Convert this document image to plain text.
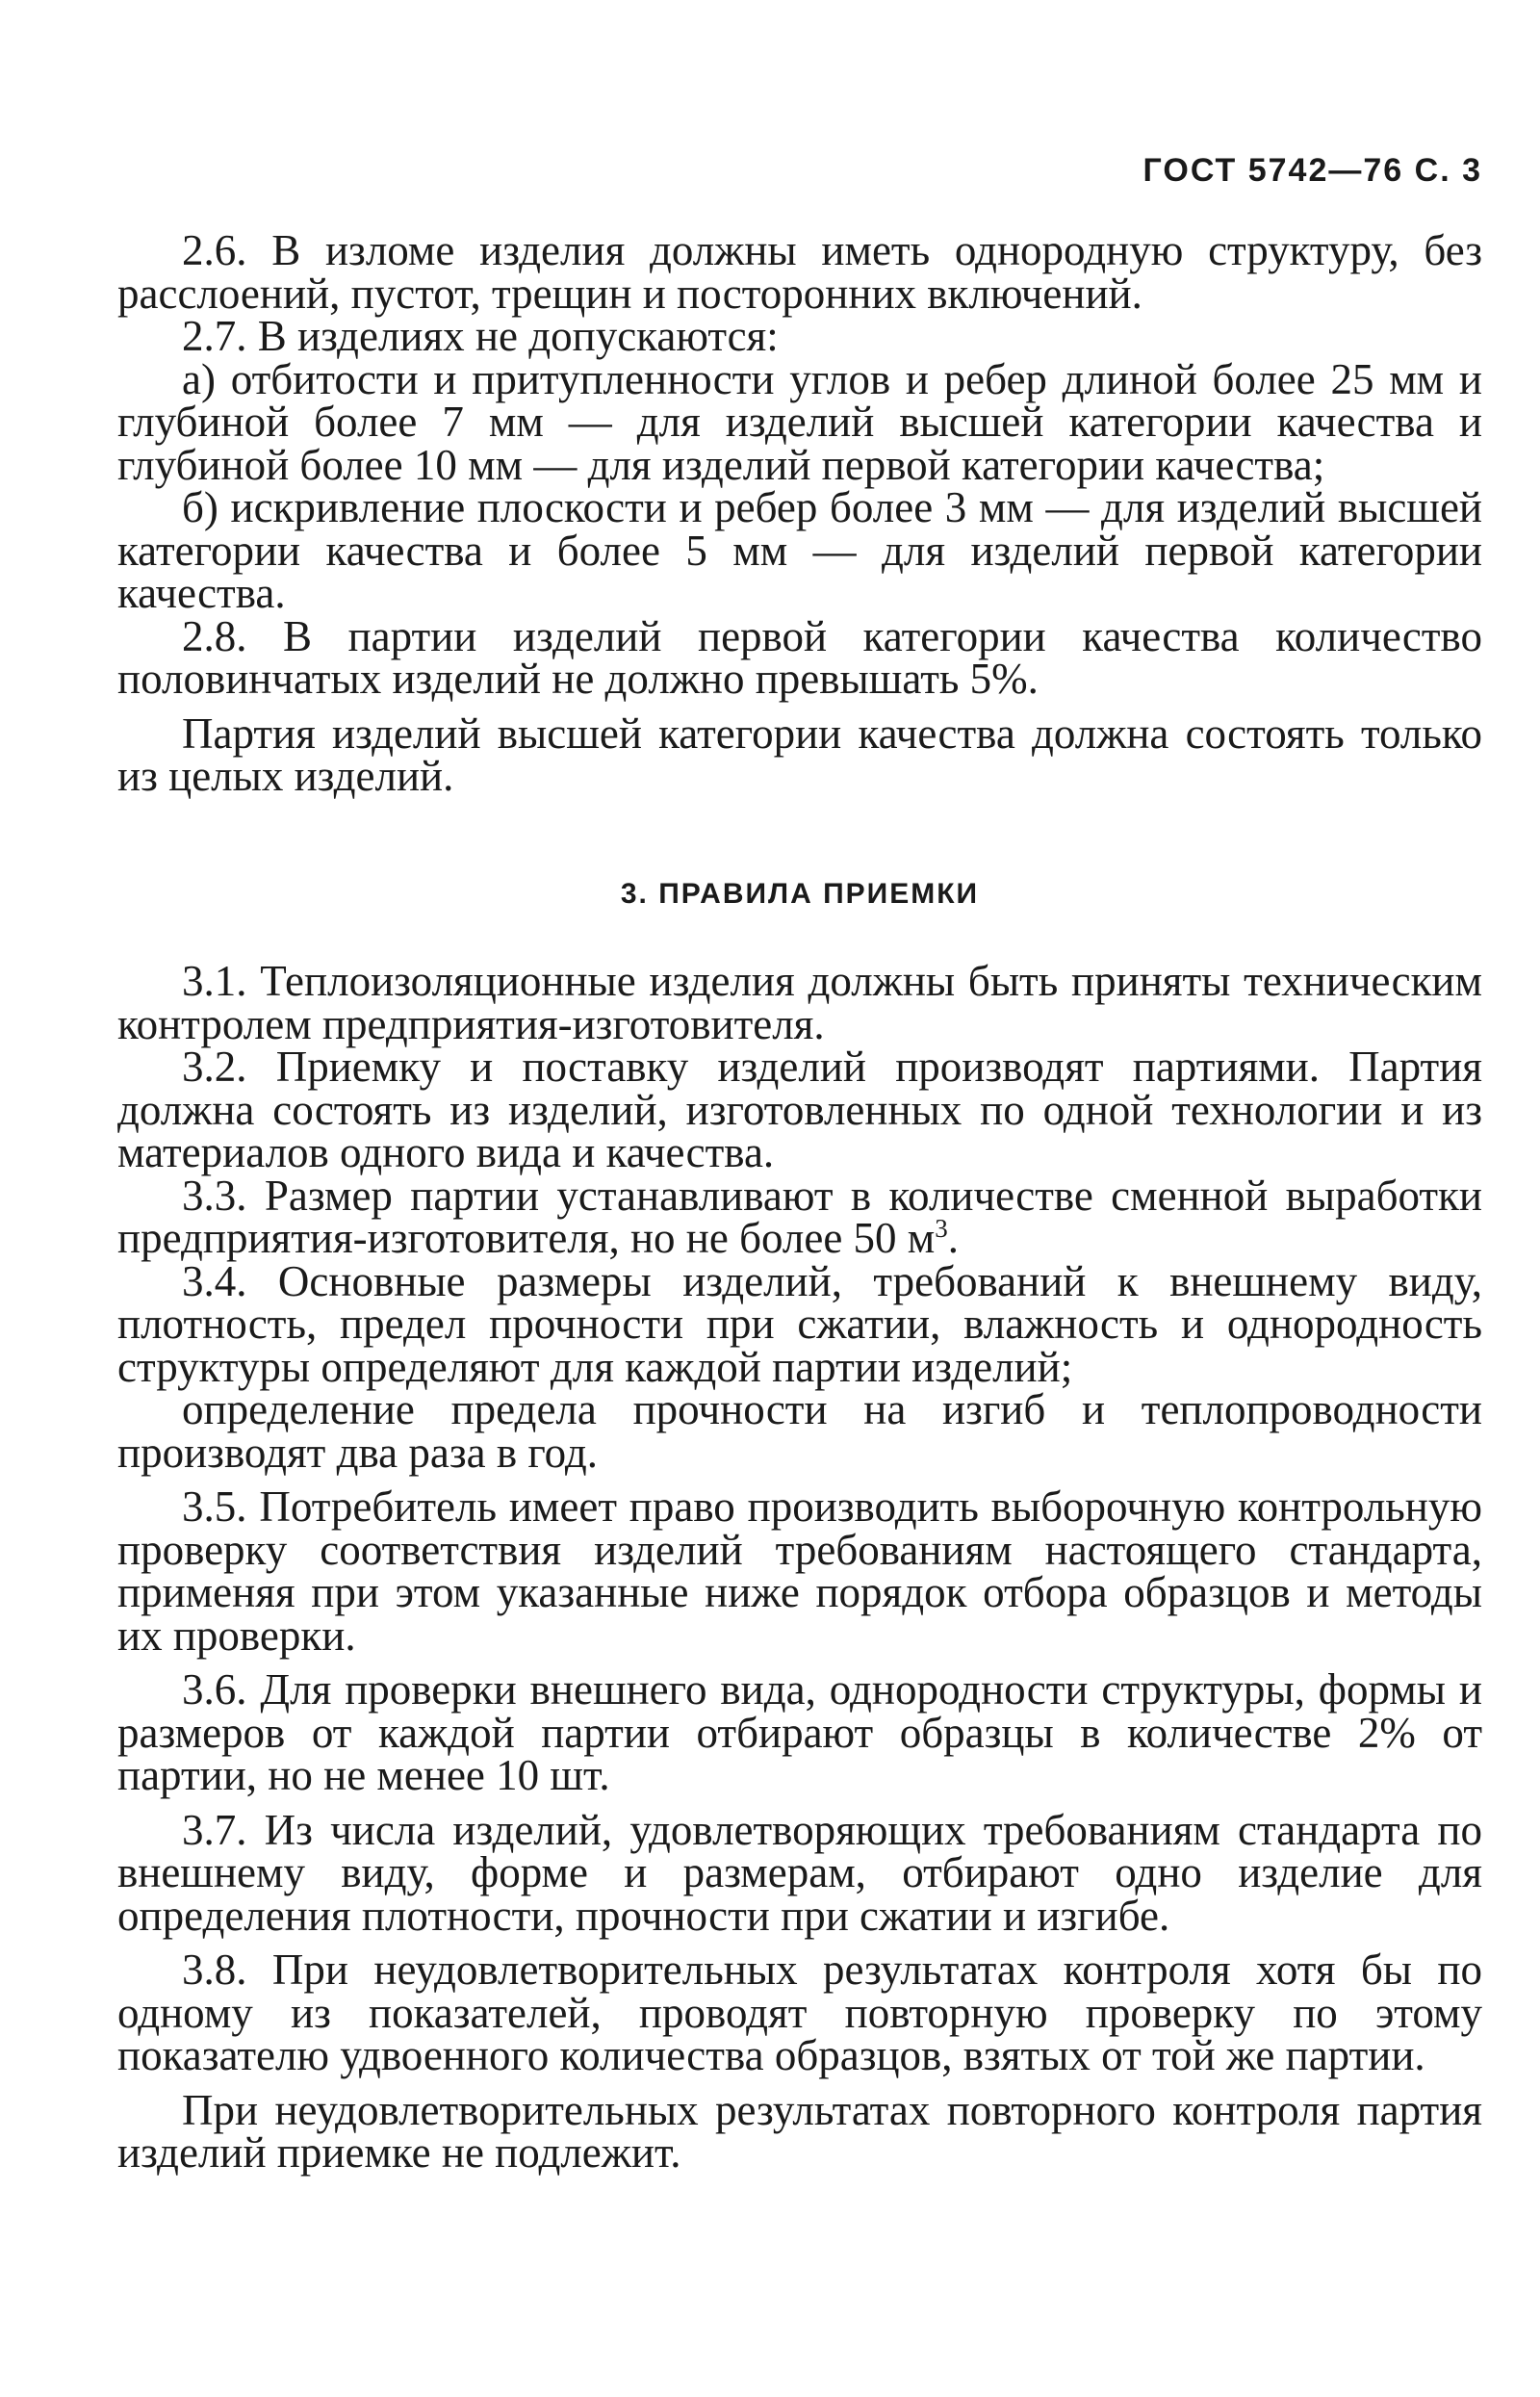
ГОСТ 5742—76 С. 3

2.6. В изломе изделия должны иметь однородную структуру, без расслоений, пустот, трещин и посторонних включений.

2.7. В изделиях не допускаются:

а) отбитости и притупленности углов и ребер длиной более 25 мм и глубиной более 7 мм — для изделий высшей категории качества и глубиной более 10 мм — для изделий первой категории качества;

б) искривление плоскости и ребер более 3 мм — для изделий высшей категории качества и более 5 мм — для изделий первой категории качества.

2.8. В партии изделий первой категории качества количество половинчатых изделий не должно превышать 5%.

Партия изделий высшей категории качества должна состоять только из целых изделий.

3. ПРАВИЛА ПРИЕМКИ

3.1. Теплоизоляционные изделия должны быть приняты техническим контролем предприятия-изготовителя.

3.2. Приемку и поставку изделий производят партиями. Партия должна состоять из изделий, изготовленных по одной технологии и из материалов одного вида и качества.

3.3. Размер партии устанавливают в количестве сменной выработки предприятия-изготовителя, но не более 50 $м^3$.

3.4. Основные размеры изделий, требований к внешнему виду, плотность, предел прочности при сжатии, влажность и однородность структуры определяют для каждой партии изделий;

определение предела прочности на изгиб и теплопроводности производят два раза в год.

3.5. Потребитель имеет право производить выборочную контрольную проверку соответствия изделий требованиям настоящего стандарта, применяя при этом указанные ниже порядок отбора образцов и методы их проверки.

3.6. Для проверки внешнего вида, однородности структуры, формы и размеров от каждой партии отбирают образцы в количестве 2% от партии, но не менее 10 шт.

3.7. Из числа изделий, удовлетворяющих требованиям стандарта по внешнему виду, форме и размерам, отбирают одно изделие для определения плотности, прочности при сжатии и изгибе.

3.8. При неудовлетворительных результатах контроля хотя бы по одному из показателей, проводят повторную проверку по этому показателю удвоенного количества образцов, взятых от той же партии.

При неудовлетворительных результатах повторного контроля партия изделий приемке не подлежит.
